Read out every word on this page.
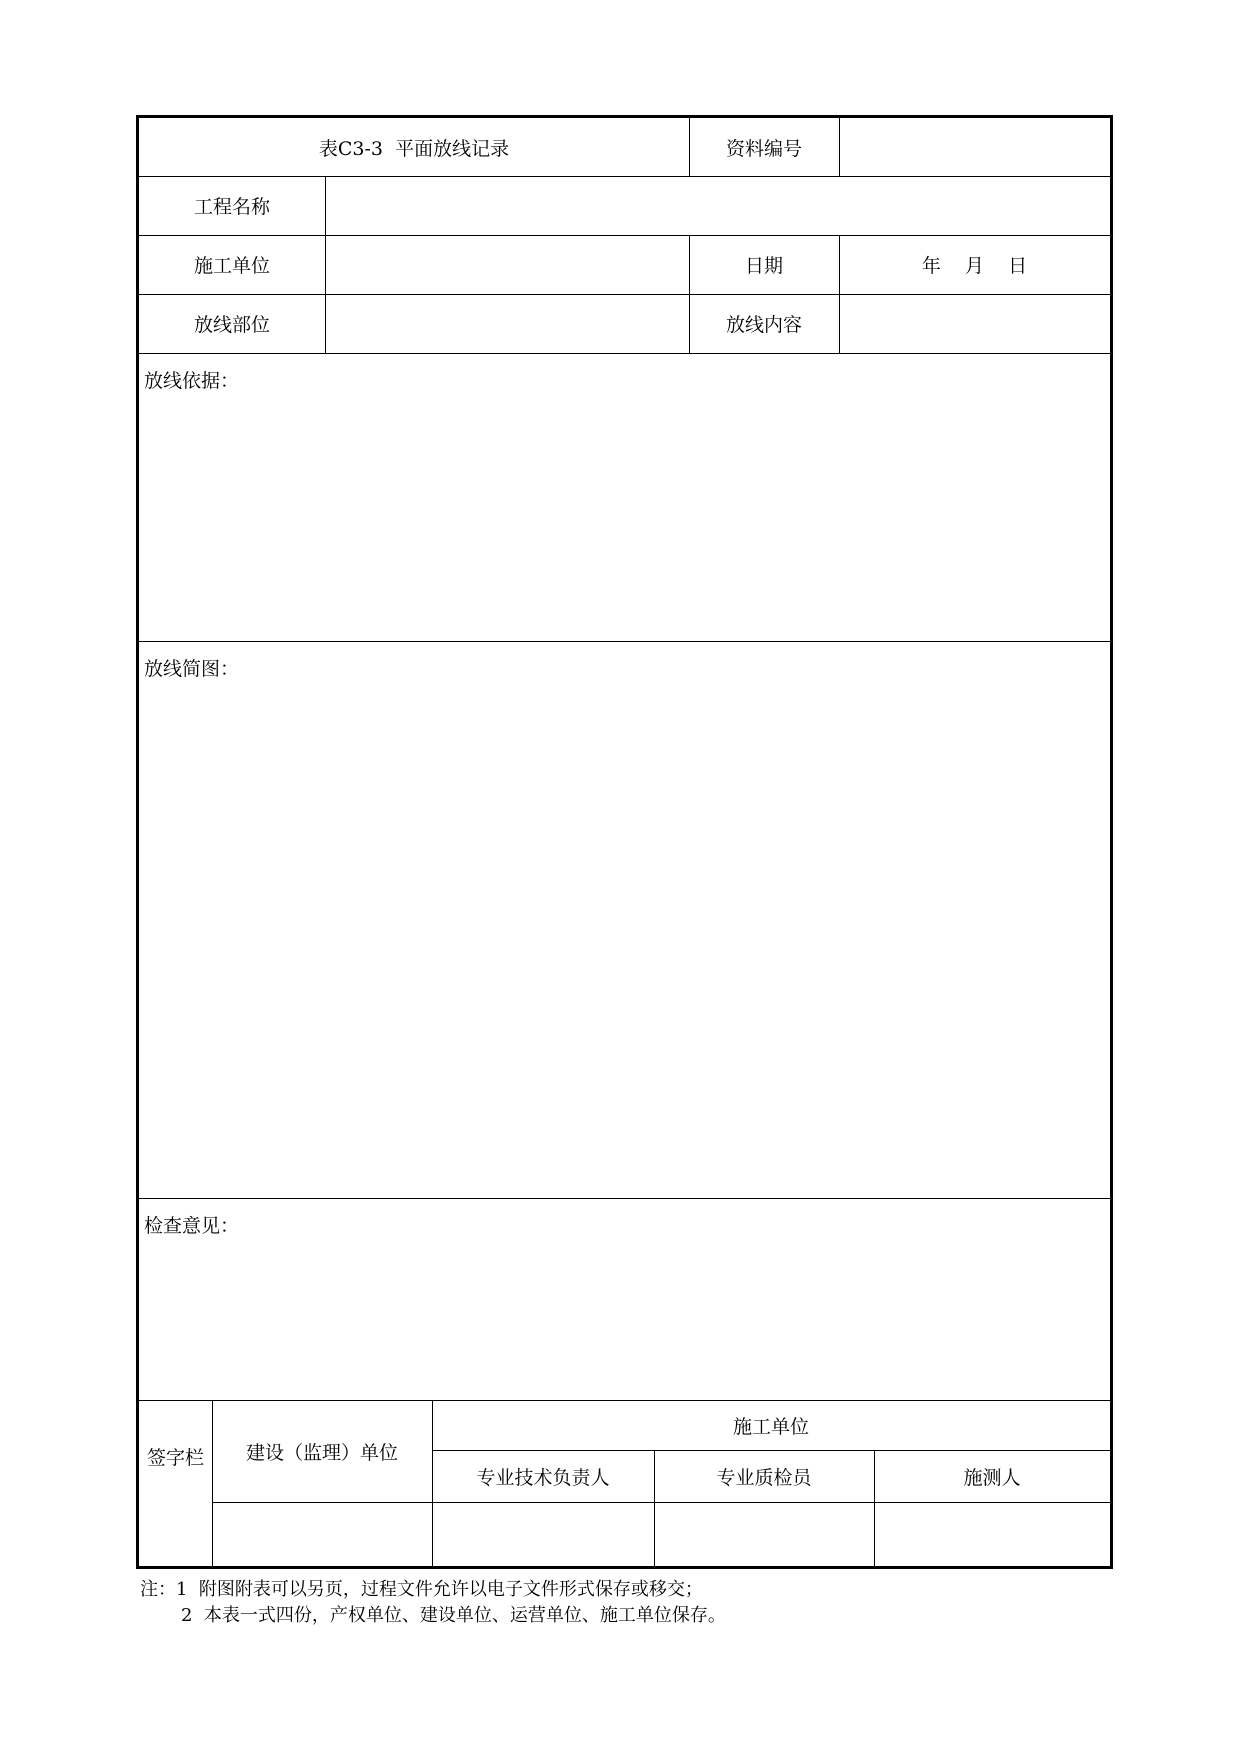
表C3-3  平面放线记录	资料编号
工程名称
施工单位	日期	年    月    日
放线部位	放线内容
放线依据：
放线简图：
检查意见：
签字栏	建设（监理）单位
施工单位
专业技术负责人	专业质检员	施测人
注：1  附图附表可以另页，过程文件允许以电子文件形式保存或移交；
2  本表一式四份，产权单位、建设单位、运营单位、施工单位保存。
